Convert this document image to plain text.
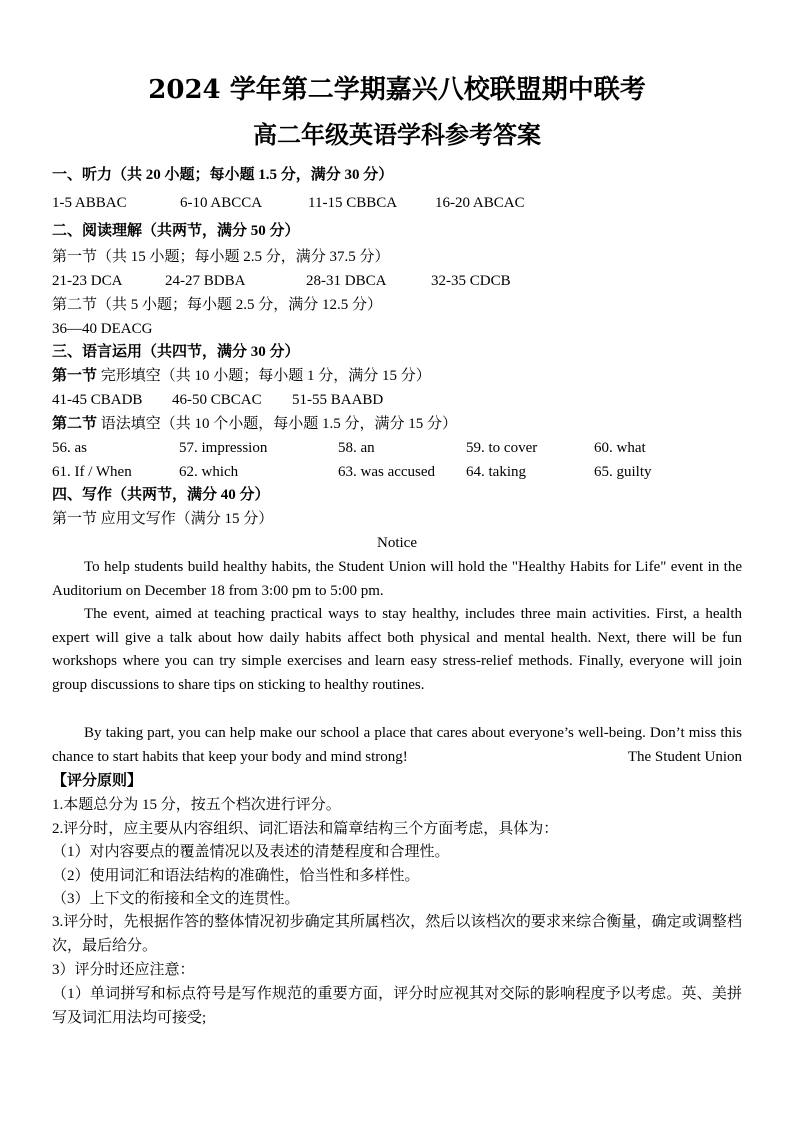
2024 学年第二学期嘉兴八校联盟期中联考
高二年级英语学科参考答案
一、听力（共 20 小题；每小题 1.5 分，满分 30 分）
1-5 ABBAC	6-10 ABCCA	11-15 CBBCA	16-20 ABCAC
二、阅读理解（共两节，满分 50 分）
第一节（共 15 小题；每小题 2.5 分，满分 37.5 分）
21-23 DCA	24-27 BDBA	28-31 DBCA	32-35 CDCB
第二节（共 5 小题；每小题 2.5 分，满分 12.5 分）
36—40 DEACG
三、语言运用（共四节，满分 30 分）
第一节 完形填空（共 10 小题；每小题 1 分，满分 15 分）
41-45 CBADB 46-50 CBCAC 51-55 BAABD
第二节 语法填空（共 10 个小题，每小题 1.5 分，满分 15 分）
56. as	57. impression	58. an	59. to cover	60. what
61. If / When	62. which	63. was accused 64. taking	65. guilty
四、写作（共两节，满分 40 分）
第一节 应用文写作（满分 15 分）
Notice
To help students build healthy habits, the Student Union will hold the "Healthy Habits for Life" event in the Auditorium on December 18 from 3:00 pm to 5:00 pm.
The event, aimed at teaching practical ways to stay healthy, includes three main activities. First, a health expert will give a talk about how daily habits affect both physical and mental health. Next, there will be fun workshops where you can try simple exercises and learn easy stress-relief methods. Finally, everyone will join group discussions to share tips on sticking to healthy routines.
By taking part, you can help make our school a place that cares about everyone’s well-being. Don’t miss this chance to start habits that keep your body and mind strong!	The Student Union
【评分原则】
1.本题总分为 15 分，按五个档次进行评分。
2.评分时，应主要从内容组织、词汇语法和篇章结构三个方面考虑，具体为：
（1）对内容要点的覆盖情况以及表述的清楚程度和合理性。
（2）使用词汇和语法结构的准确性，恰当性和多样性。
（3）上下文的衔接和全文的连贯性。
3.评分时，先根据作答的整体情况初步确定其所属档次，然后以该档次的要求来综合衡量，确定或调整档次，最后给分。
3）评分时还应注意：
（1）单词拼写和标点符号是写作规范的重要方面，评分时应视其对交际的影响程度予以考虑。英、美拼写及词汇用法均可接受;
